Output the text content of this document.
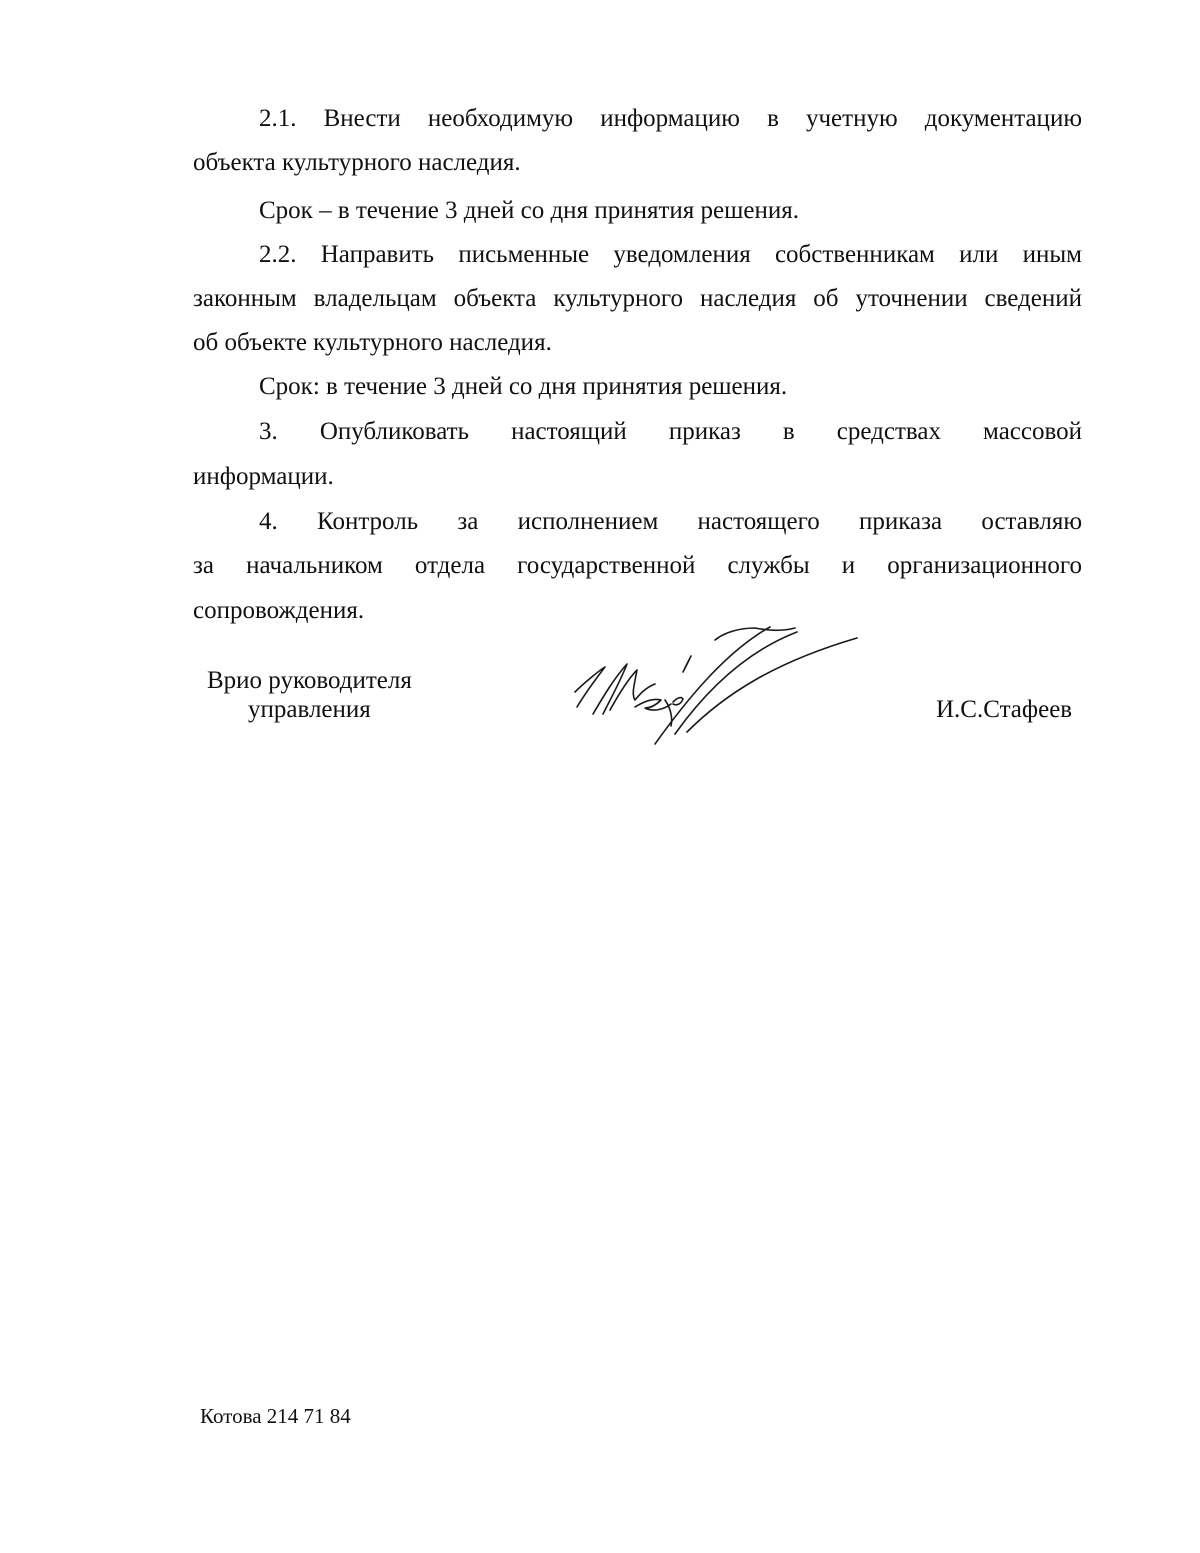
2.1. Внести необходимую информацию в учетную документацию
объекта культурного наследия.
Срок – в течение 3 дней со дня принятия решения.
2.2. Направить письменные уведомления собственникам или иным
законным владельцам объекта культурного наследия об уточнении сведений
об объекте культурного наследия.
Срок: в течение 3 дней со дня принятия решения.
3. Опубликовать настоящий приказ в средствах массовой
информации.
4. Контроль за исполнением настоящего приказа оставляю
за начальником отдела государственной службы и организационного
сопровождения.
Врио руководителя
управления	И.С.Стафеев
Котова 214 71 84
